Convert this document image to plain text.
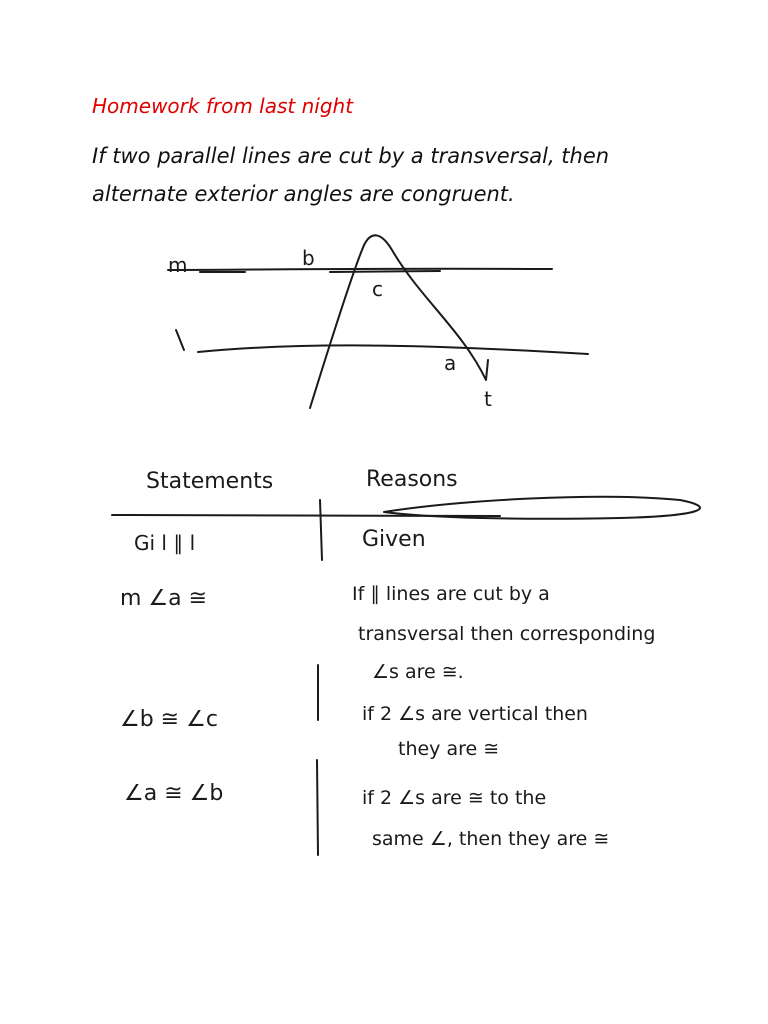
Homework from last night
If two parallel lines are cut by a transversal, then
alternate exterior angles are congruent.
m	b
c
a
t
Statements	Reasons
Gi l ∥ l	Given
m ∠a ≅	If ∥ lines are cut by a
transversal then corresponding
∠s are ≅.
∠b ≅ ∠c	if 2 ∠s are vertical then
they are ≅
∠a ≅ ∠b	if 2 ∠s are ≅ to the
same ∠, then they are ≅
